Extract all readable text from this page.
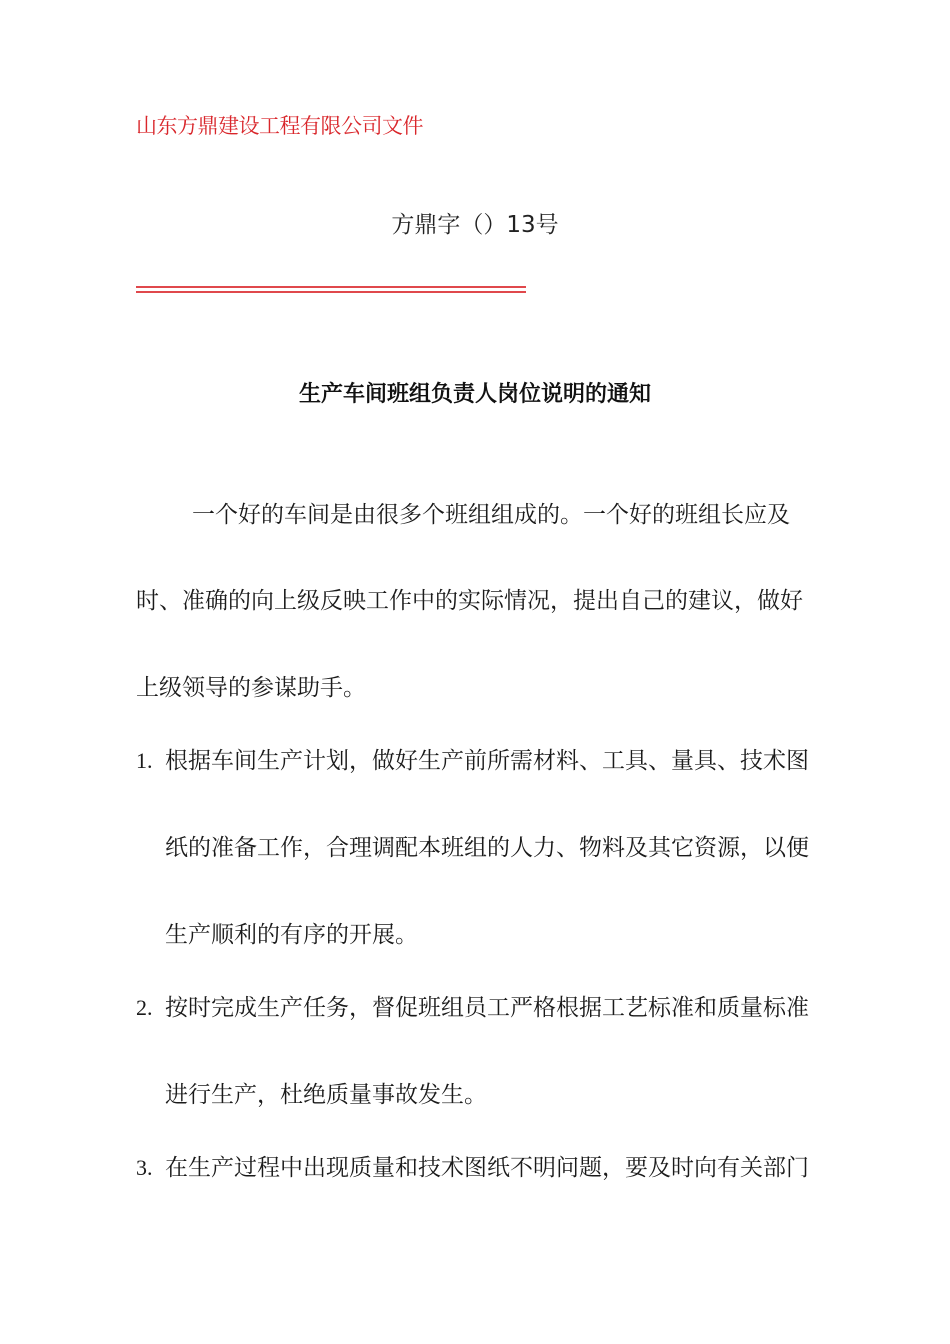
山东方鼎建设工程有限公司文件
方鼎字（）13号
生产车间班组负责人岗位说明的通知
一个好的车间是由很多个班组组成的。一个好的班组长应及
时、准确的向上级反映工作中的实际情况，提出自己的建议，做好
上级领导的参谋助手。
1. 根据车间生产计划，做好生产前所需材料、工具、量具、技术图
纸的准备工作，合理调配本班组的人力、物料及其它资源，以便
生产顺利的有序的开展。
2. 按时完成生产任务，督促班组员工严格根据工艺标准和质量标准
进行生产，杜绝质量事故发生。
3. 在生产过程中出现质量和技术图纸不明问题，要及时向有关部门
